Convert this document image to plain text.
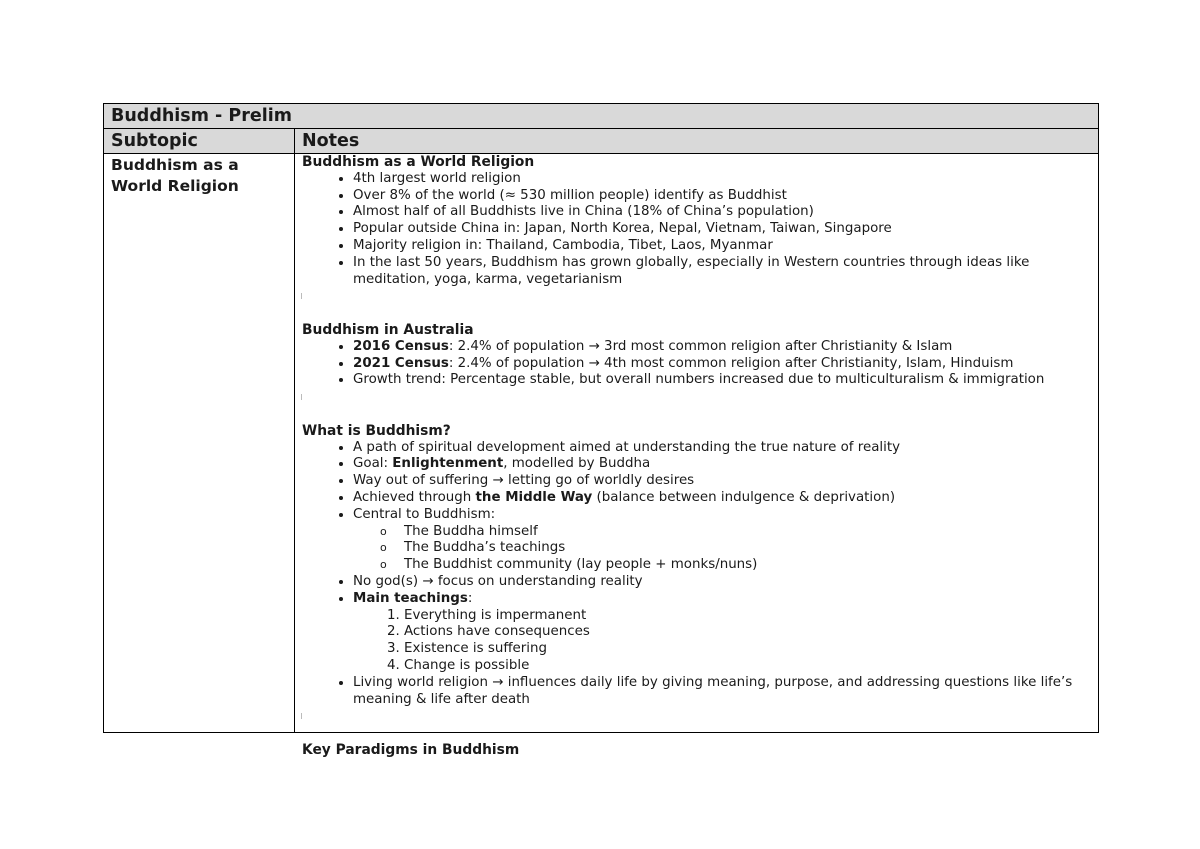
Buddhism - Prelim
Subtopic	Notes
Buddhism as a World Religion
Buddhism as a World Religion
• 4th largest world religion
• Over 8% of the world (≈ 530 million people) identify as Buddhist
• Almost half of all Buddhists live in China (18% of China’s population)
• Popular outside China in: Japan, North Korea, Nepal, Vietnam, Taiwan, Singapore
• Majority religion in: Thailand, Cambodia, Tibet, Laos, Myanmar
• In the last 50 years, Buddhism has grown globally, especially in Western countries through ideas like meditation, yoga, karma, vegetarianism
Buddhism in Australia
• 2016 Census: 2.4% of population → 3rd most common religion after Christianity & Islam
• 2021 Census: 2.4% of population → 4th most common religion after Christianity, Islam, Hinduism
• Growth trend: Percentage stable, but overall numbers increased due to multiculturalism & immigration
What is Buddhism?
• A path of spiritual development aimed at understanding the true nature of reality
• Goal: Enlightenment, modelled by Buddha
• Way out of suffering → letting go of worldly desires
• Achieved through the Middle Way (balance between indulgence & deprivation)
• Central to Buddhism:
o The Buddha himself
o The Buddha’s teachings
o The Buddhist community (lay people + monks/nuns)
• No god(s) → focus on understanding reality
• Main teachings:
1. Everything is impermanent
2. Actions have consequences
3. Existence is suffering
4. Change is possible
• Living world religion → influences daily life by giving meaning, purpose, and addressing questions like life’s meaning & life after death
Key Paradigms in Buddhism
